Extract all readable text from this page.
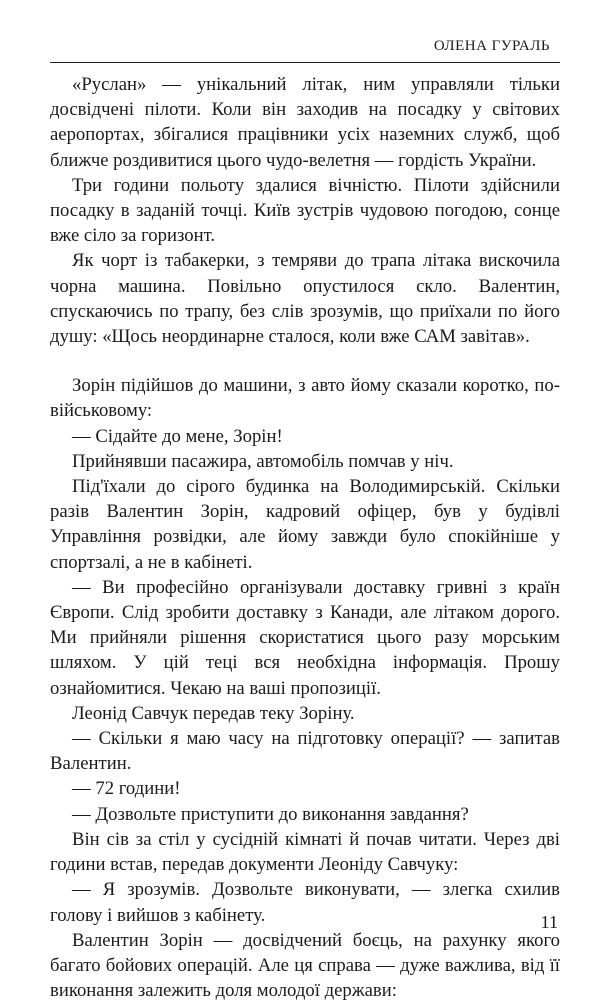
ОЛЕНА ГУРАЛЬ

«Руслан» — унікальний літак, ним управляли тільки досвідчені пілоти. Коли він заходив на посадку у світових аеропортах, збігалися працівники усіх наземних служб, щоб ближче роздивитися цього чудо-велетня — гордість України.

Три години польоту здалися вічністю. Пілоти здійснили посадку в заданій точці. Київ зустрів чудовою погодою, сонце вже сіло за горизонт.

Як чорт із табакерки, з темряви до трапа літака вискочила чорна машина. Повільно опустилося скло. Валентин, спускаючись по трапу, без слів зрозумів, що приїхали по його душу: «Щось неординарне сталося, коли вже САМ завітав».

Зорін підійшов до машини, з авто йому сказали коротко, по-військовому:

— Сідайте до мене, Зорін!

Прийнявши пасажира, автомобіль помчав у ніч.

Під'їхали до сірого будинка на Володимирській. Скільки разів Валентин Зорін, кадровий офіцер, був у будівлі Управління розвідки, але йому завжди було спокійніше у спортзалі, а не в кабінеті.

— Ви професійно організували доставку гривні з країн Європи. Слід зробити доставку з Канади, але літаком дорого. Ми прийняли рішення скористатися цього разу морським шляхом. У цій теці вся необхідна інформація. Прошу ознайомитися. Чекаю на ваші пропозиції.

Леонід Савчук передав теку Зоріну.

— Скільки я маю часу на підготовку операції? — запитав Валентин.

— 72 години!

— Дозвольте приступити до виконання завдання?

Він сів за стіл у сусідній кімнаті й почав читати. Через дві години встав, передав документи Леоніду Савчуку:

— Я зрозумів. Дозвольте виконувати, — злегка схилив голову і вийшов з кабінету.

Валентин Зорін — досвідчений боєць, на рахунку якого багато бойових операцій. Але ця справа — дуже важлива, від її виконання залежить доля молодої держави:

11
